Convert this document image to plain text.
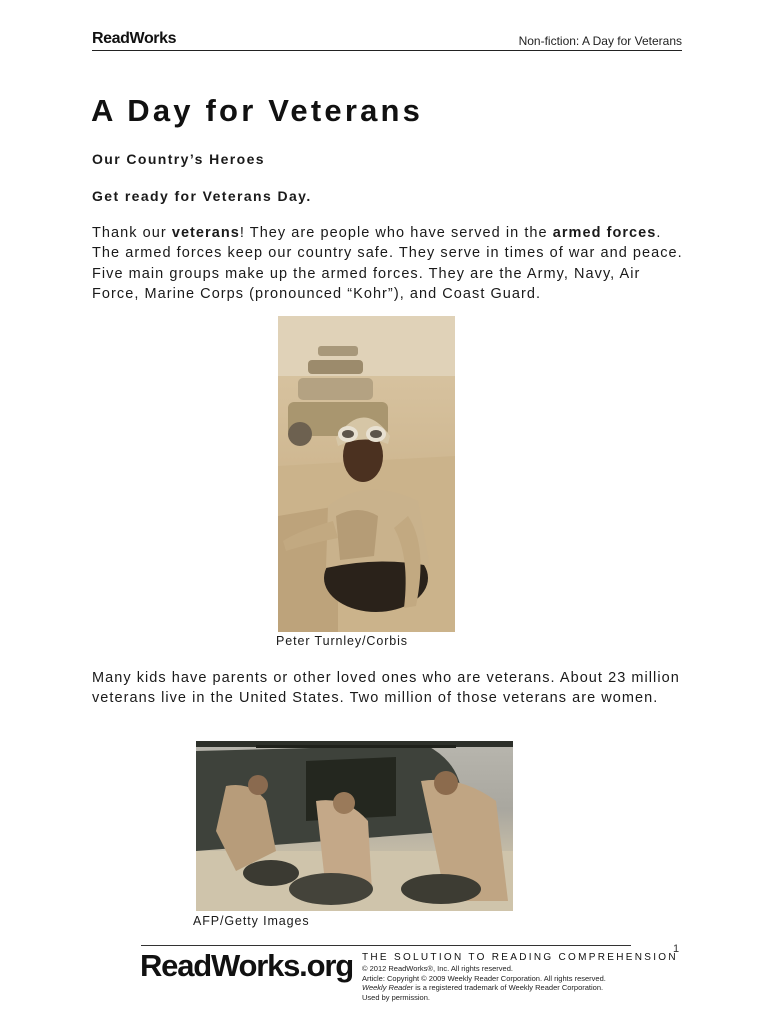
ReadWorks	Non-fiction: A Day for Veterans
A Day for Veterans
Our Country’s Heroes
Get ready for Veterans Day.

Thank our veterans! They are people who have served in the armed forces. The armed forces keep our country safe. They serve in times of war and peace. Five main groups make up the armed forces. They are the Army, Navy, Air Force, Marine Corps (pronounced “Kohr”), and Coast Guard.

Peter Turnley/Corbis

Many kids have parents or other loved ones who are veterans. About 23 million veterans live in the United States. Two million of those veterans are women.

AFP/Getty Images
1
ReadWorks.org THE SOLUTION TO READING COMPREHENSION
© 2012 ReadWorks®, Inc. All rights reserved.
Article: Copyright © 2009 Weekly Reader Corporation. All rights reserved.
Weekly Reader is a registered trademark of Weekly Reader Corporation.
Used by permission.
